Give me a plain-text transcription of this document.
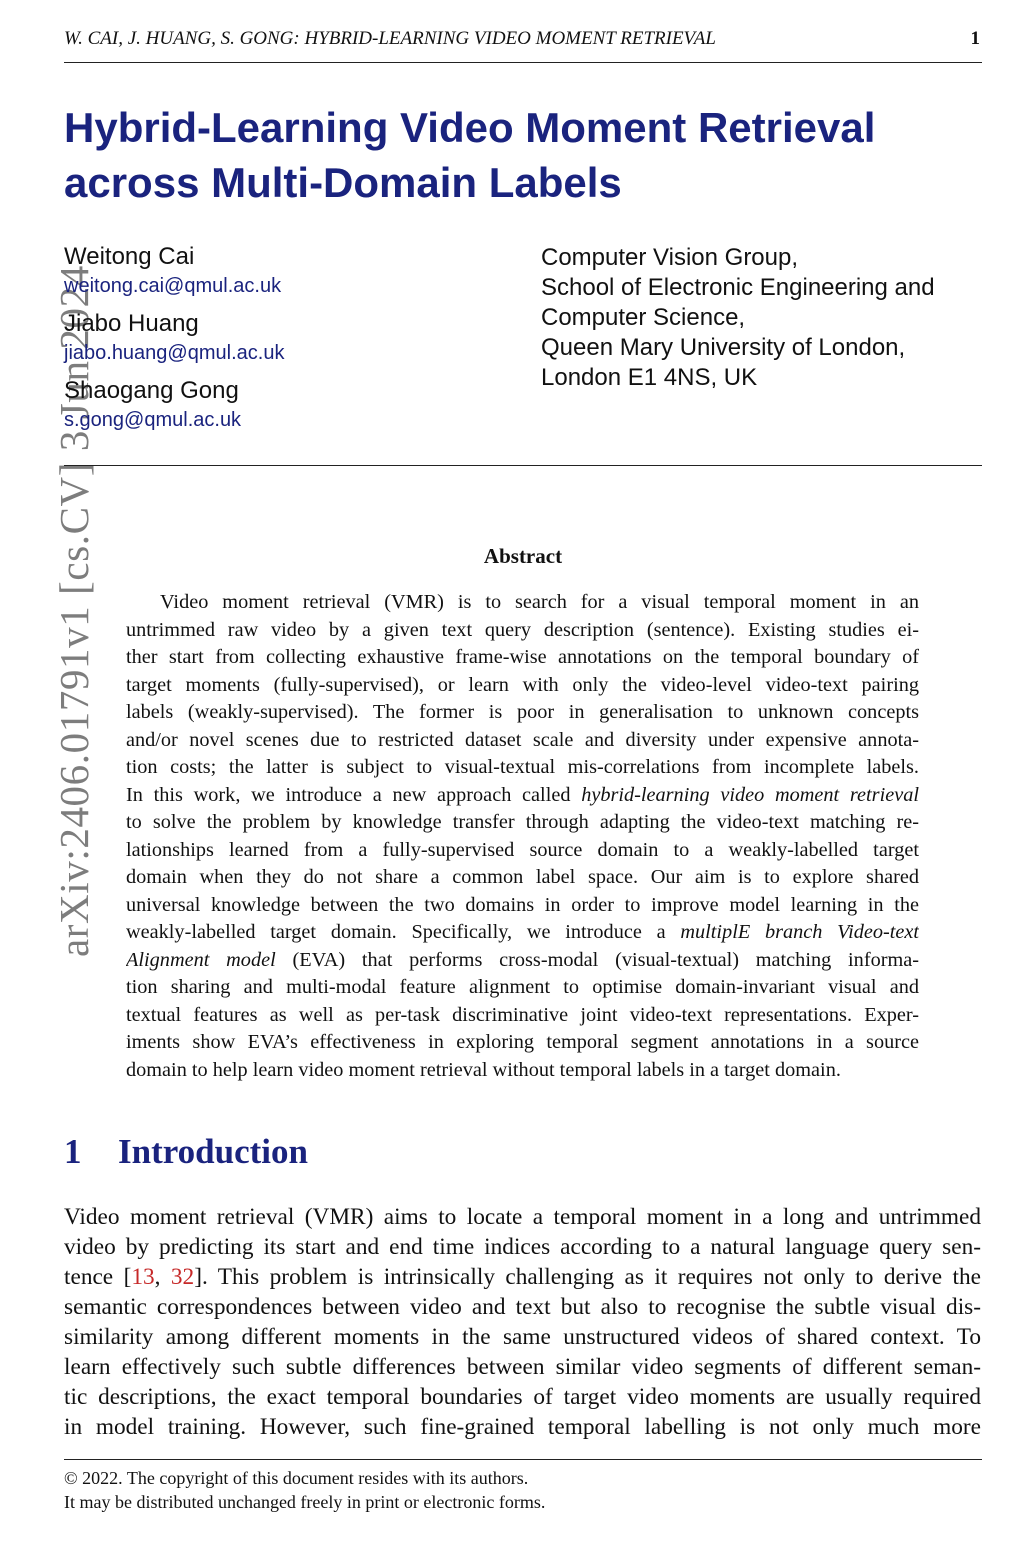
W. CAI, J. HUANG, S. GONG: HYBRID-LEARNING VIDEO MOMENT RETRIEVAL	1
arXiv:2406.01791v1 [cs.CV] 3 Jun 2024
Hybrid-Learning Video Moment Retrieval
across Multi-Domain Labels
Weitong Cai
weitong.cai@qmul.ac.uk
Jiabo Huang
jiabo.huang@qmul.ac.uk
Shaogang Gong
s.gong@qmul.ac.uk
Computer Vision Group,
School of Electronic Engineering and
Computer Science,
Queen Mary University of London,
London E1 4NS, UK
Abstract
Video moment retrieval (VMR) is to search for a visual temporal moment in an
untrimmed raw video by a given text query description (sentence). Existing studies ei-
ther start from collecting exhaustive frame-wise annotations on the temporal boundary of
target moments (fully-supervised), or learn with only the video-level video-text pairing
labels (weakly-supervised). The former is poor in generalisation to unknown concepts
and/or novel scenes due to restricted dataset scale and diversity under expensive annota-
tion costs; the latter is subject to visual-textual mis-correlations from incomplete labels.
In this work, we introduce a new approach called hybrid-learning video moment retrieval
to solve the problem by knowledge transfer through adapting the video-text matching re-
lationships learned from a fully-supervised source domain to a weakly-labelled target
domain when they do not share a common label space. Our aim is to explore shared
universal knowledge between the two domains in order to improve model learning in the
weakly-labelled target domain. Specifically, we introduce a multiplE branch Video-text
Alignment model (EVA) that performs cross-modal (visual-textual) matching informa-
tion sharing and multi-modal feature alignment to optimise domain-invariant visual and
textual features as well as per-task discriminative joint video-text representations. Exper-
iments show EVA’s effectiveness in exploring temporal segment annotations in a source
domain to help learn video moment retrieval without temporal labels in a target domain.
1 Introduction
Video moment retrieval (VMR) aims to locate a temporal moment in a long and untrimmed
video by predicting its start and end time indices according to a natural language query sen-
tence [13, 32]. This problem is intrinsically challenging as it requires not only to derive the
semantic correspondences between video and text but also to recognise the subtle visual dis-
similarity among different moments in the same unstructured videos of shared context. To
learn effectively such subtle differences between similar video segments of different seman-
tic descriptions, the exact temporal boundaries of target video moments are usually required
in model training. However, such fine-grained temporal labelling is not only much more
© 2022. The copyright of this document resides with its authors.
It may be distributed unchanged freely in print or electronic forms.
